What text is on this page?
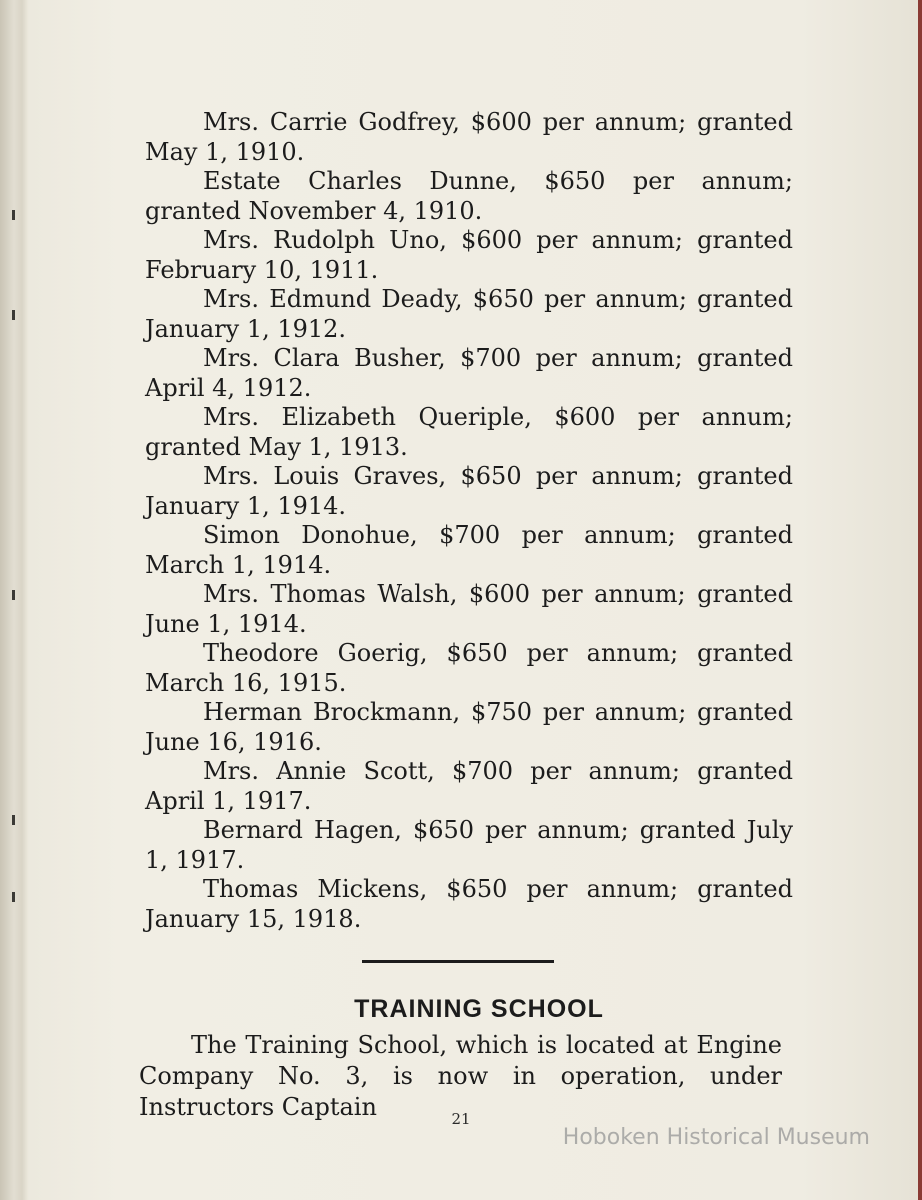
Mrs. Carrie Godfrey, $600 per annum; granted May 1, 1910.

Estate Charles Dunne, $650 per annum; granted November 4, 1910.

Mrs. Rudolph Uno, $600 per annum; granted February 10, 1911.

Mrs. Edmund Deady, $650 per annum; granted January 1, 1912.

Mrs. Clara Busher, $700 per annum; granted April 4, 1912.

Mrs. Elizabeth Queriple, $600 per annum; granted May 1, 1913.

Mrs. Louis Graves, $650 per annum; granted January 1, 1914.

Simon Donohue, $700 per annum; granted March 1, 1914.

Mrs. Thomas Walsh, $600 per annum; granted June 1, 1914.

Theodore Goerig, $650 per annum; granted March 16, 1915.

Herman Brockmann, $750 per annum; granted June 16, 1916.

Mrs. Annie Scott, $700 per annum; granted April 1, 1917.

Bernard Hagen, $650 per annum; granted July 1, 1917.

Thomas Mickens, $650 per annum; granted January 15, 1918.

TRAINING SCHOOL

The Training School, which is located at Engine Company No. 3, is now in operation, under Instructors Captain	21
Hoboken Historical Museum
